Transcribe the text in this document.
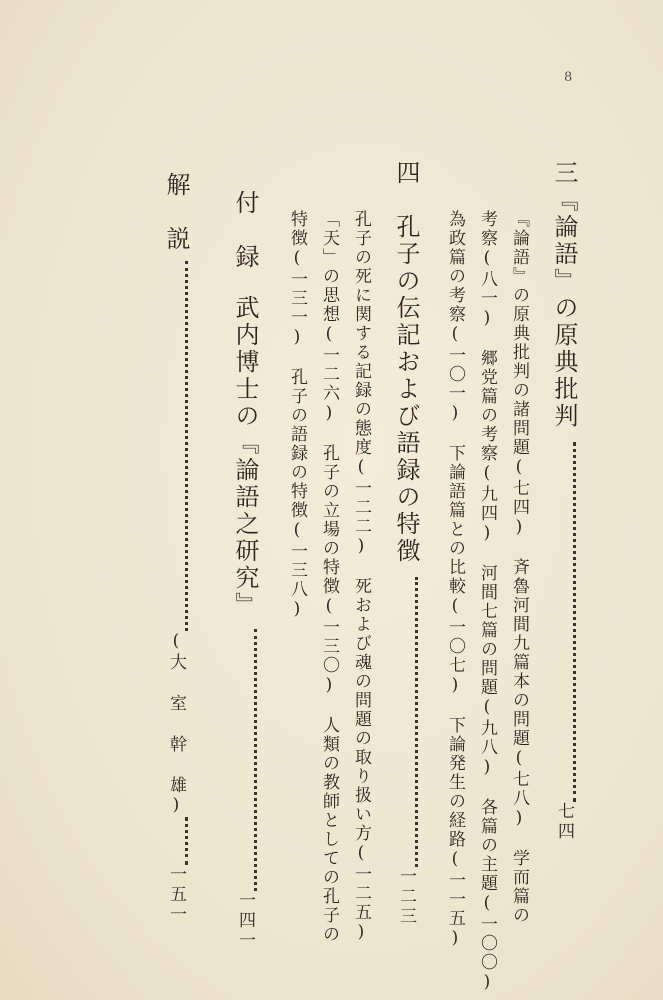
8
三『論語』の原典批判七四
『論語』の原典批判の諸問題(七四)　斉魯河間九篇本の問題(七八)　学而篇の
考察(八一)　郷党篇の考察(九四)　河間七篇の問題(九八)　各篇の主題(一〇〇)
為政篇の考察(一〇一)　下論語篇との比較(一〇七)　下論発生の経路(一一五)
四　孔子の伝記および語録の特徴一二三
孔子の死に関する記録の態度(一二二)　死および魂の問題の取り扱い方(一二五)
「天」の思想(一二六)　孔子の立場の特徴(一三〇)　人類の教師としての孔子の
特徴(一三一)　孔子の語録の特徴(一三八)
付　録武内博士の『論語之研究』一四一
解　説(大 室 幹 雄)一五一
